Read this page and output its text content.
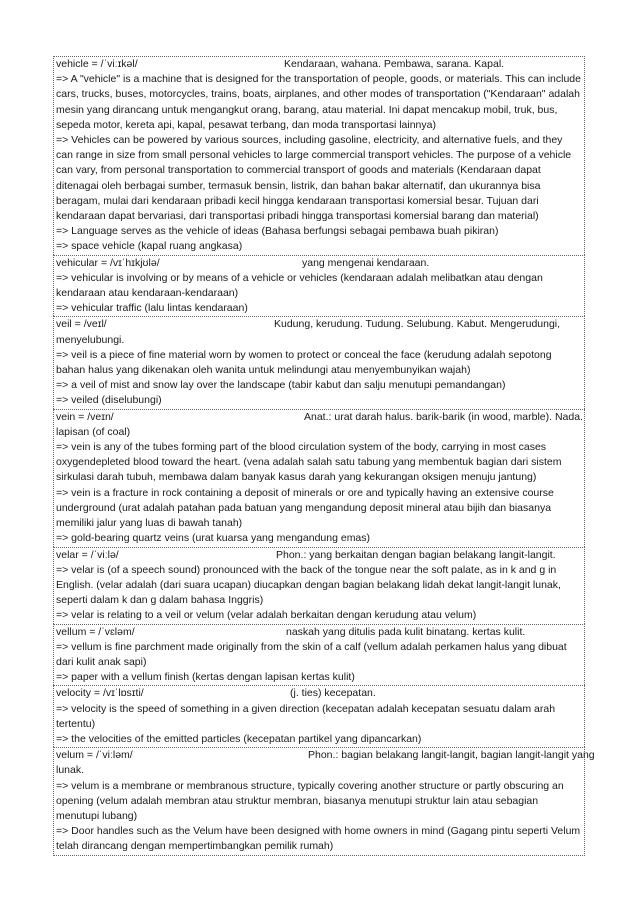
vehicle = /ˈviːɪkəl/	Kendaraan, wahana. Pembawa, sarana. Kapal.
=> A "vehicle" is a machine that is designed for the transportation of people, goods, or materials. This can include cars, trucks, buses, motorcycles, trains, boats, airplanes, and other modes of transportation ("Kendaraan" adalah mesin yang dirancang untuk mengangkut orang, barang, atau material. Ini dapat mencakup mobil, truk, bus, sepeda motor, kereta api, kapal, pesawat terbang, dan moda transportasi lainnya)
=> Vehicles can be powered by various sources, including gasoline, electricity, and alternative fuels, and they can range in size from small personal vehicles to large commercial transport vehicles. The purpose of a vehicle can vary, from personal transportation to commercial transport of goods and materials (Kendaraan dapat ditenagai oleh berbagai sumber, termasuk bensin, listrik, dan bahan bakar alternatif, dan ukurannya bisa beragam, mulai dari kendaraan pribadi kecil hingga kendaraan transportasi komersial besar. Tujuan dari kendaraan dapat bervariasi, dari transportasi pribadi hingga transportasi komersial barang dan material)
=> Language serves as the vehicle of ideas (Bahasa berfungsi sebagai pembawa buah pikiran)
=> space vehicle (kapal ruang angkasa)
vehicular = /vɪˈhɪkjʊlə/	yang mengenai kendaraan.
=> vehicular is involving or by means of a vehicle or vehicles (kendaraan adalah melibatkan atau dengan kendaraan atau kendaraan-kendaraan)
=> vehicular traffic (lalu lintas kendaraan)
veil = /veɪl/	Kudung, kerudung. Tudung. Selubung. Kabut. Mengerudungi,
menyelubungi.
=> veil is a piece of fine material worn by women to protect or conceal the face (kerudung adalah sepotong bahan halus yang dikenakan oleh wanita untuk melindungi atau menyembunyikan wajah)
=> a veil of mist and snow lay over the landscape (tabir kabut dan salju menutupi pemandangan)
=> veiled (diselubungi)
vein = /veɪn/	Anat.: urat darah halus. barik-barik (in wood, marble). Nada.
lapisan (of coal)
=> vein is any of the tubes forming part of the blood circulation system of the body, carrying in most cases oxygendepleted blood toward the heart. (vena adalah salah satu tabung yang membentuk bagian dari sistem sirkulasi darah tubuh, membawa dalam banyak kasus darah yang kekurangan oksigen menuju jantung)
=> vein is a fracture in rock containing a deposit of minerals or ore and typically having an extensive course underground (urat adalah patahan pada batuan yang mengandung deposit mineral atau bijih dan biasanya memiliki jalur yang luas di bawah tanah)
=> gold-bearing quartz veins (urat kuarsa yang mengandung emas)
velar = /ˈviːlə/	Phon.: yang berkaitan dengan bagian belakang langit-langit.
=> velar is (of a speech sound) pronounced with the back of the tongue near the soft palate, as in k and g in English. (velar adalah (dari suara ucapan) diucapkan dengan bagian belakang lidah dekat langit-langit lunak, seperti dalam k dan g dalam bahasa Inggris)
=> velar is relating to a veil or velum (velar adalah berkaitan dengan kerudung atau velum)
vellum = /ˈvɛləm/	naskah yang ditulis pada kulit binatang. kertas kulit.
=> vellum is fine parchment made originally from the skin of a calf (vellum adalah perkamen halus yang dibuat dari kulit anak sapi)
=> paper with a vellum finish (kertas dengan lapisan kertas kulit)
velocity = /vɪˈlɒsɪti/	(j. ties) kecepatan.
=> velocity is the speed of something in a given direction (kecepatan adalah kecepatan sesuatu dalam arah tertentu)
=> the velocities of the emitted particles (kecepatan partikel yang dipancarkan)
velum = /ˈviːləm/	Phon.: bagian belakang langit-langit, bagian langit-langit yang
lunak.
=> velum is a membrane or membranous structure, typically covering another structure or partly obscuring an opening (velum adalah membran atau struktur membran, biasanya menutupi struktur lain atau sebagian menutupi lubang)
=> Door handles such as the Velum have been designed with home owners in mind (Gagang pintu seperti Velum telah dirancang dengan mempertimbangkan pemilik rumah)
